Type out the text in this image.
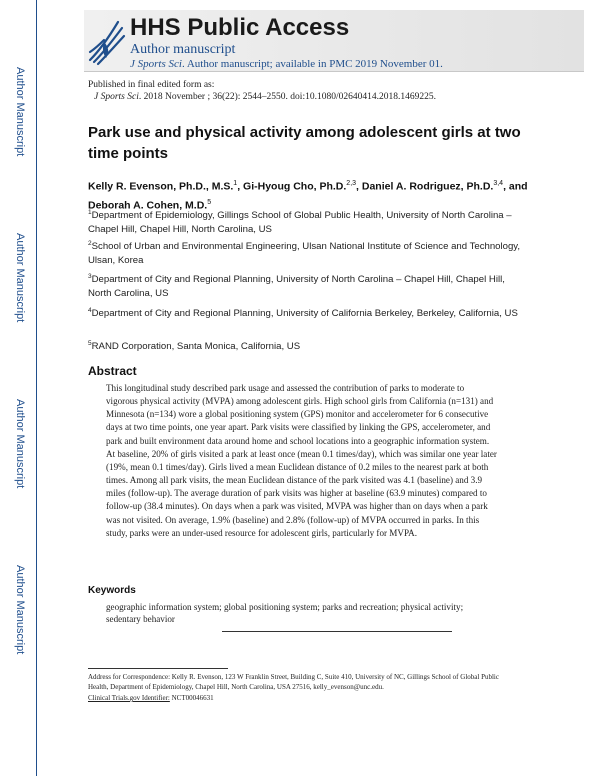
Author Manuscript
Author Manuscript
Author Manuscript
Author Manuscript
HHS Public Access
Author manuscript
J Sports Sci. Author manuscript; available in PMC 2019 November 01.
Published in final edited form as:
J Sports Sci. 2018 November ; 36(22): 2544–2550. doi:10.1080/02640414.2018.1469225.
Park use and physical activity among adolescent girls at two time points
Kelly R. Evenson, Ph.D., M.S.$^1$, Gi-Hyoug Cho, Ph.D.$^{2,3}$, Daniel A. Rodriguez, Ph.D.$^{3,4}$, and Deborah A. Cohen, M.D.$^5$
$^1$Department of Epidemiology, Gillings School of Global Public Health, University of North Carolina – Chapel Hill, Chapel Hill, North Carolina, US
$^2$School of Urban and Environmental Engineering, Ulsan National Institute of Science and Technology, Ulsan, Korea
$^3$Department of City and Regional Planning, University of North Carolina – Chapel Hill, Chapel Hill, North Carolina, US
$^4$Department of City and Regional Planning, University of California Berkeley, Berkeley, California, US
$^5$RAND Corporation, Santa Monica, California, US
Abstract

This longitudinal study described park usage and assessed the contribution of parks to moderate to vigorous physical activity (MVPA) among adolescent girls. High school girls from California (n=131) and Minnesota (n=134) wore a global positioning system (GPS) monitor and accelerometer for 6 consecutive days at two time points, one year apart. Park visits were classified by linking the GPS, accelerometer, and park and built environment data around home and school locations into a geographic information system. At baseline, 20% of girls visited a park at least once (mean 0.1 times/day), which was similar one year later (19%, mean 0.1 times/day). Girls lived a mean Euclidean distance of 0.2 miles to the nearest park at both times. Among all park visits, the mean Euclidean distance of the park visited was 4.1 (baseline) and 3.9 miles (follow-up). The average duration of park visits was higher at baseline (63.9 minutes) compared to follow-up (38.4 minutes). On days when a park was visited, MVPA was higher than on days when a park was not visited. On average, 1.9% (baseline) and 2.8% (follow-up) of MVPA occurred in parks. In this study, parks were an under-used resource for adolescent girls, particularly for MVPA.

Keywords

geographic information system; global positioning system; parks and recreation; physical activity; sedentary behavior

Address for Correspondence: Kelly R. Evenson, 123 W Franklin Street, Building C, Suite 410, University of NC, Gillings School of Global Public Health, Department of Epidemiology, Chapel Hill, North Carolina, USA 27516, kelly_evenson@unc.edu.

Clinical Trials.gov Identifier: NCT00046631
